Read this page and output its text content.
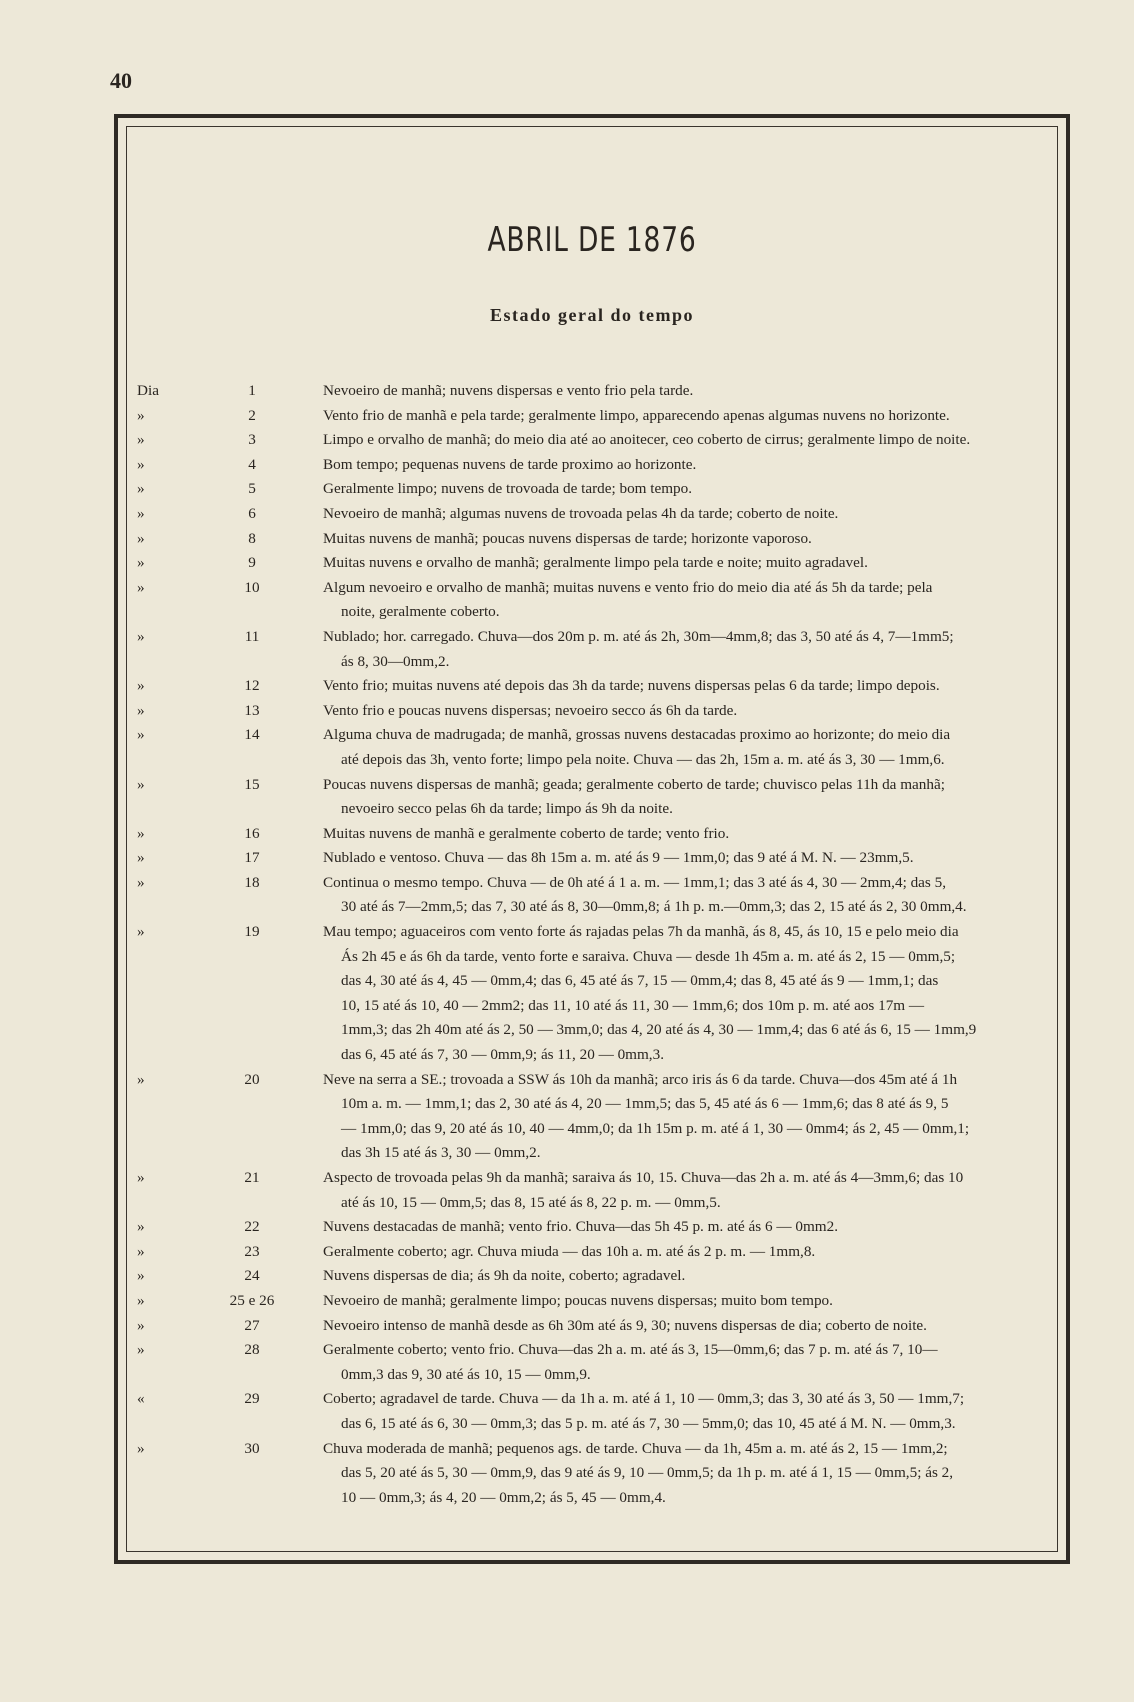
40
ABRIL DE 1876
Estado geral do tempo
Dia	1	Nevoeiro de manhã; nuvens dispersas e vento frio pela tarde.
»	2	Vento frio de manhã e pela tarde; geralmente limpo, apparecendo apenas algumas nuvens no horizonte.
»	3	Limpo e orvalho de manhã; do meio dia até ao anoitecer, ceo coberto de cirrus; geralmente limpo de noite.
»	4	Bom tempo; pequenas nuvens de tarde proximo ao horizonte.
»	5	Geralmente limpo; nuvens de trovoada de tarde; bom tempo.
»	6	Nevoeiro de manhã; algumas nuvens de trovoada pelas 4h da tarde; coberto de noite.
»	8	Muitas nuvens de manhã; poucas nuvens dispersas de tarde; horizonte vaporoso.
»	9	Muitas nuvens e orvalho de manhã; geralmente limpo pela tarde e noite; muito agradavel.
»	10	Algum nevoeiro e orvalho de manhã; muitas nuvens e vento frio do meio dia até ás 5h da tarde; pela
noite, geralmente coberto.
»	11	Nublado; hor. carregado. Chuva—dos 20m p. m. até ás 2h, 30m—4mm,8; das 3, 50 até ás 4, 7—1mm5;
ás 8, 30—0mm,2.
»	12	Vento frio; muitas nuvens até depois das 3h da tarde; nuvens dispersas pelas 6 da tarde; limpo depois.
»	13	Vento frio e poucas nuvens dispersas; nevoeiro secco ás 6h da tarde.
»	14	Alguma chuva de madrugada; de manhã, grossas nuvens destacadas proximo ao horizonte; do meio dia
até depois das 3h, vento forte; limpo pela noite. Chuva — das 2h, 15m a. m. até ás 3, 30 — 1mm,6.
»	15	Poucas nuvens dispersas de manhã; geada; geralmente coberto de tarde; chuvisco pelas 11h da manhã;
nevoeiro secco pelas 6h da tarde; limpo ás 9h da noite.
»	16	Muitas nuvens de manhã e geralmente coberto de tarde; vento frio.
»	17	Nublado e ventoso. Chuva — das 8h 15m a. m. até ás 9 — 1mm,0; das 9 até á M. N. — 23mm,5.
»	18	Continua o mesmo tempo. Chuva — de 0h até á 1 a. m. — 1mm,1; das 3 até ás 4, 30 — 2mm,4; das 5,
30 até ás 7—2mm,5; das 7, 30 até ás 8, 30—0mm,8; á 1h p. m.—0mm,3; das 2, 15 até ás 2, 30 0mm,4.
»	19	Mau tempo; aguaceiros com vento forte ás rajadas pelas 7h da manhã, ás 8, 45, ás 10, 15 e pelo meio dia
Ás 2h 45 e ás 6h da tarde, vento forte e saraiva. Chuva — desde 1h 45m a. m. até ás 2, 15 — 0mm,5;
das 4, 30 até ás 4, 45 — 0mm,4; das 6, 45 até ás 7, 15 — 0mm,4; das 8, 45 até ás 9 — 1mm,1; das
10, 15 até ás 10, 40 — 2mm2; das 11, 10 até ás 11, 30 — 1mm,6; dos 10m p. m. até aos 17m —
1mm,3; das 2h 40m até ás 2, 50 — 3mm,0; das 4, 20 até ás 4, 30 — 1mm,4; das 6 até ás 6, 15 — 1mm,9
das 6, 45 até ás 7, 30 — 0mm,9; ás 11, 20 — 0mm,3.
»	20	Neve na serra a SE.; trovoada a SSW ás 10h da manhã; arco iris ás 6 da tarde. Chuva—dos 45m até á 1h
10m a. m. — 1mm,1; das 2, 30 até ás 4, 20 — 1mm,5; das 5, 45 até ás 6 — 1mm,6; das 8 até ás 9, 5
— 1mm,0; das 9, 20 até ás 10, 40 — 4mm,0; da 1h 15m p. m. até á 1, 30 — 0mm4; ás 2, 45 — 0mm,1;
das 3h 15 até ás 3, 30 — 0mm,2.
»	21	Aspecto de trovoada pelas 9h da manhã; saraiva ás 10, 15. Chuva—das 2h a. m. até ás 4—3mm,6; das 10
até ás 10, 15 — 0mm,5; das 8, 15 até ás 8, 22 p. m. — 0mm,5.
»	22	Nuvens destacadas de manhã; vento frio. Chuva—das 5h 45 p. m. até ás 6 — 0mm2.
»	23	Geralmente coberto; agr. Chuva miuda — das 10h a. m. até ás 2 p. m. — 1mm,8.
»	24	Nuvens dispersas de dia; ás 9h da noite, coberto; agradavel.
»	25 e 26	Nevoeiro de manhã; geralmente limpo; poucas nuvens dispersas; muito bom tempo.
»	27	Nevoeiro intenso de manhã desde as 6h 30m até ás 9, 30; nuvens dispersas de dia; coberto de noite.
»	28	Geralmente coberto; vento frio. Chuva—das 2h a. m. até ás 3, 15—0mm,6; das 7 p. m. até ás 7, 10—
0mm,3 das 9, 30 até ás 10, 15 — 0mm,9.
«	29	Coberto; agradavel de tarde. Chuva — da 1h a. m. até á 1, 10 — 0mm,3; das 3, 30 até ás 3, 50 — 1mm,7;
das 6, 15 até ás 6, 30 — 0mm,3; das 5 p. m. até ás 7, 30 — 5mm,0; das 10, 45 até á M. N. — 0mm,3.
»	30	Chuva moderada de manhã; pequenos ags. de tarde. Chuva — da 1h, 45m a. m. até ás 2, 15 — 1mm,2;
das 5, 20 até ás 5, 30 — 0mm,9, das 9 até ás 9, 10 — 0mm,5; da 1h p. m. até á 1, 15 — 0mm,5; ás 2,
10 — 0mm,3; ás 4, 20 — 0mm,2; ás 5, 45 — 0mm,4.
